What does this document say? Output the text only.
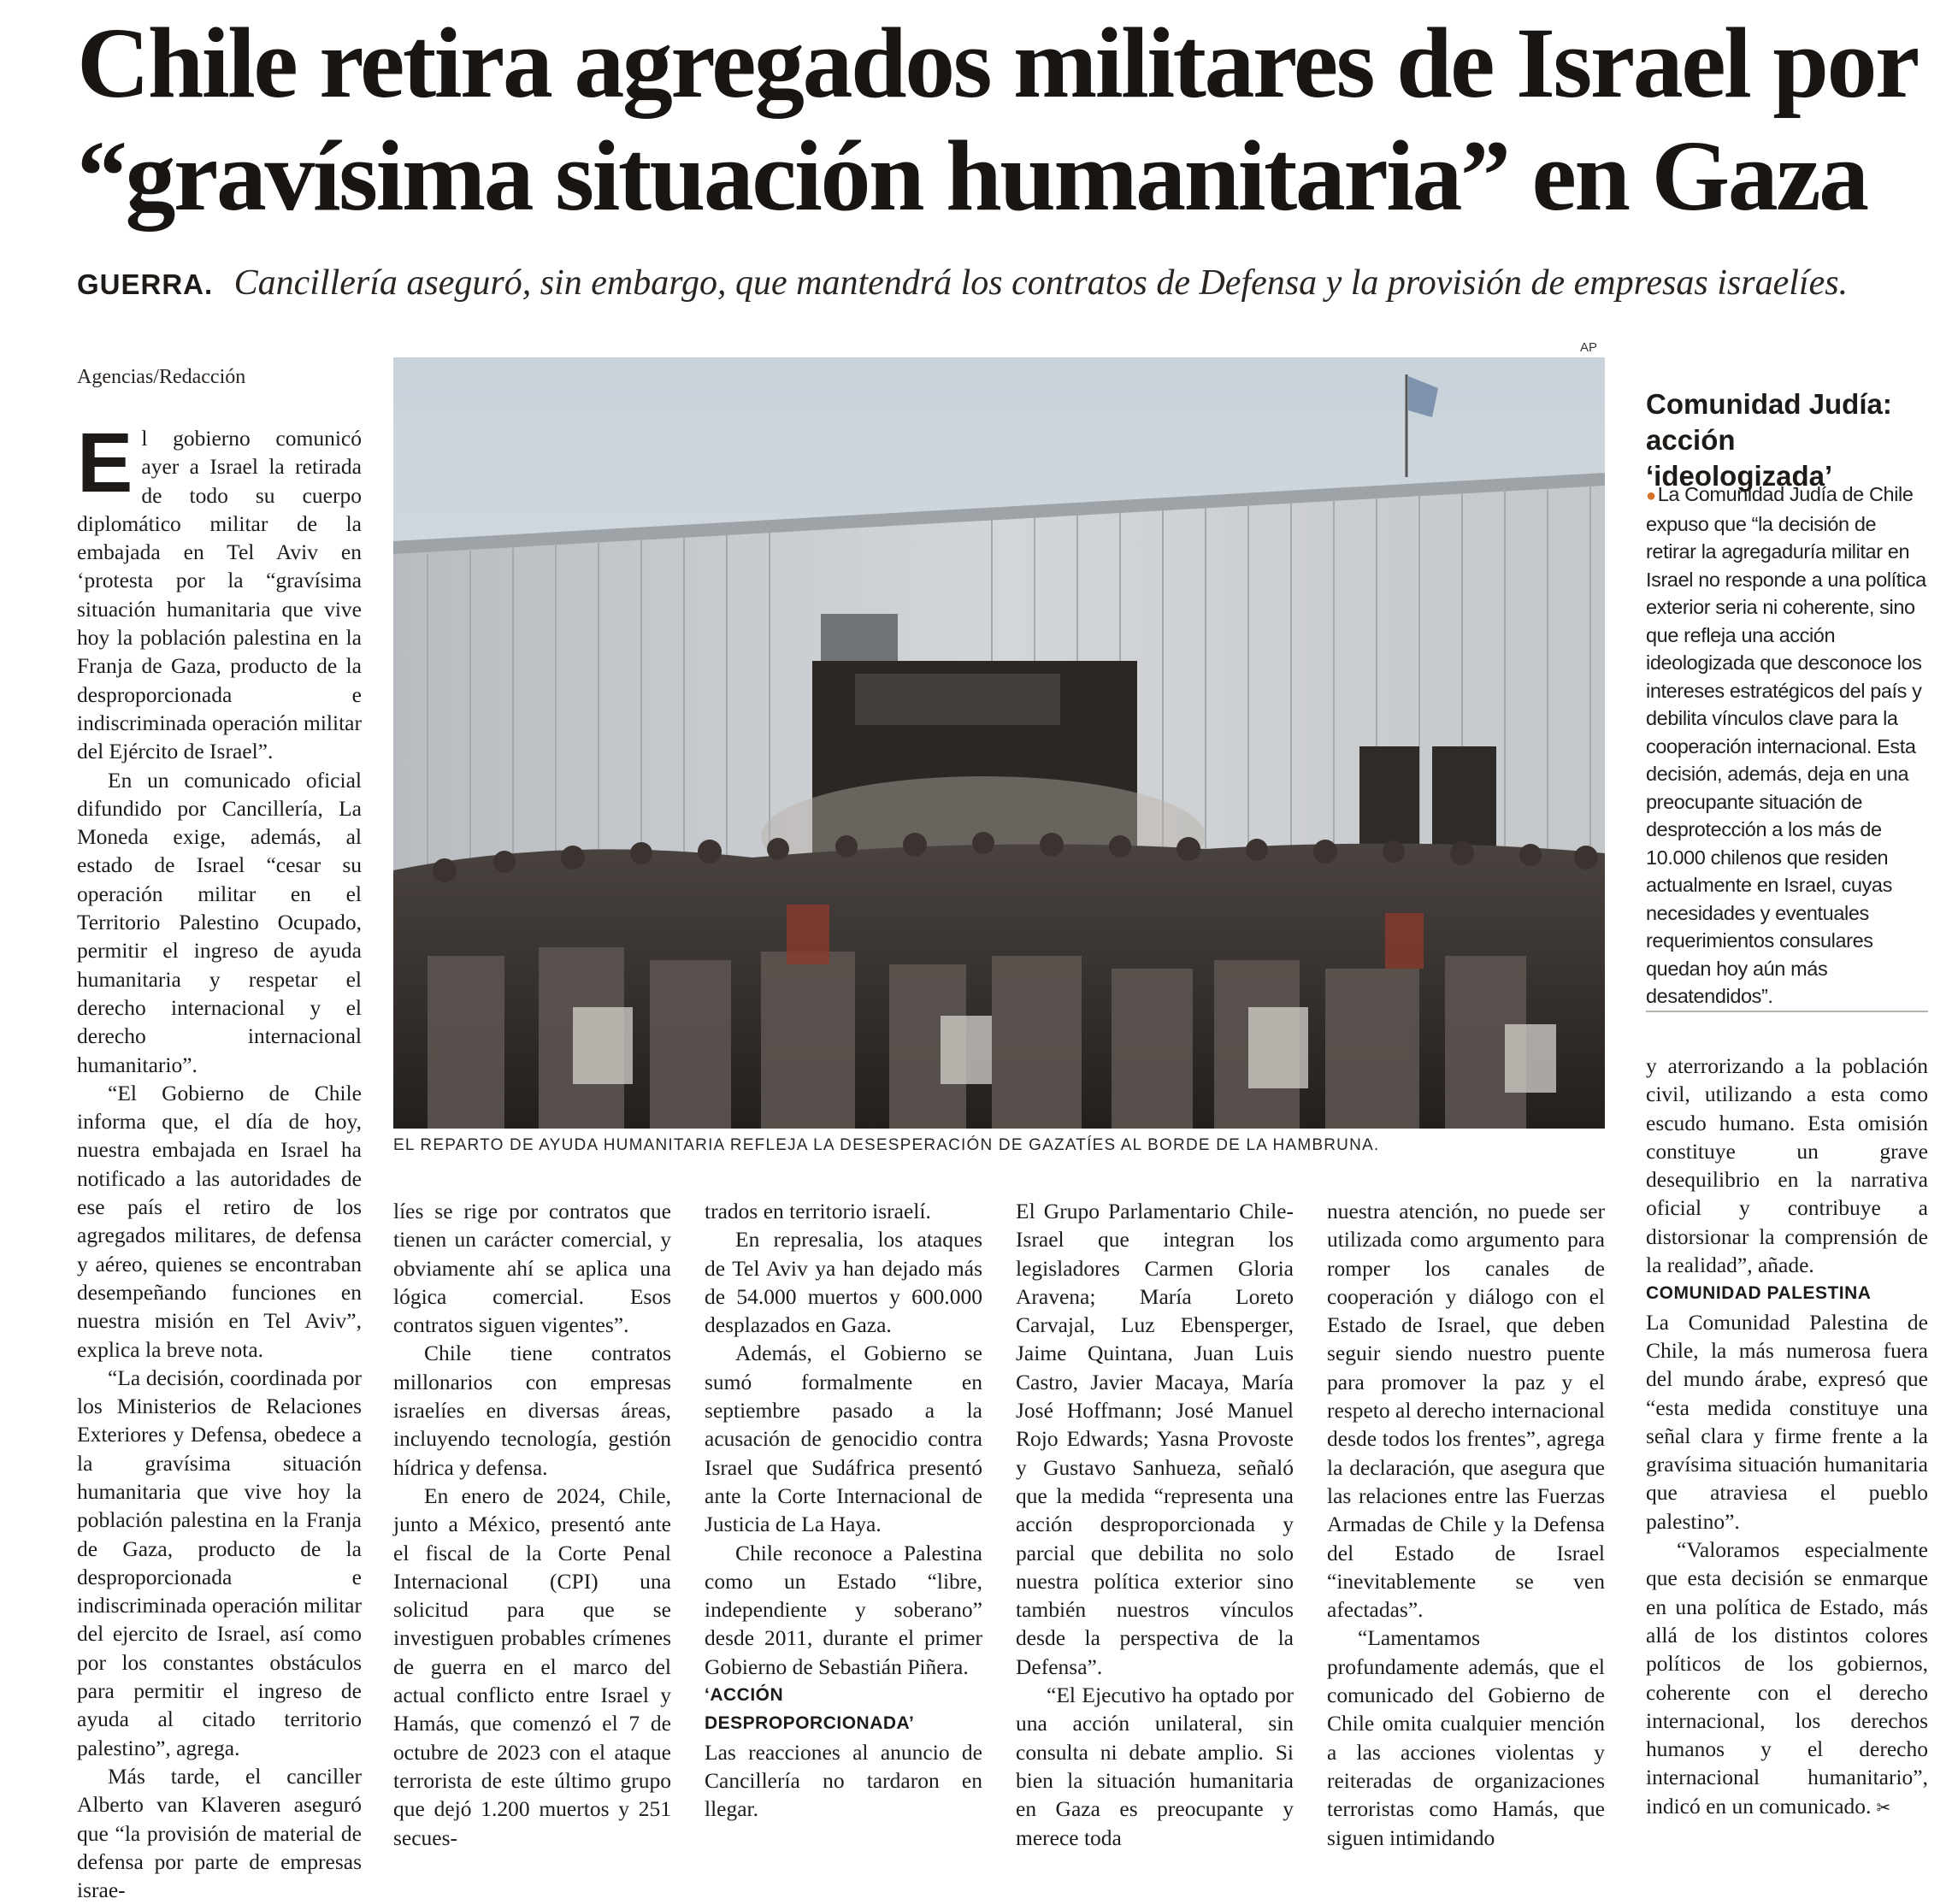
Chile retira agregados militares de Israel por
“gravísima situación humanitaria” en Gaza
GUERRA. Cancillería aseguró, sin embargo, que mantendrá los contratos de Defensa y la provisión de empresas israelíes.
Agencias/Redacción

El gobierno comunicó ayer a Israel la retirada de todo su cuerpo diplomático militar de la embajada en Tel Aviv en ‘protesta por la “gravísima situación humanitaria que vive hoy la población palestina en la Franja de Gaza, producto de la desproporcionada e indiscriminada operación militar del Ejército de Israel”.

En un comunicado oficial difundido por Cancillería, La Moneda exige, además, al estado de Israel “cesar su operación militar en el Territorio Palestino Ocupado, permitir el ingreso de ayuda humanitaria y respetar el derecho internacional y el derecho internacional humanitario”.

“El Gobierno de Chile informa que, el día de hoy, nuestra embajada en Israel ha notificado a las autoridades de ese país el retiro de los agregados militares, de defensa y aéreo, quienes se encontraban desempeñando funciones en nuestra misión en Tel Aviv”, explica la breve nota.

“La decisión, coordinada por los Ministerios de Relaciones Exteriores y Defensa, obedece a la gravísima situación humanitaria que vive hoy la población palestina en la Franja de Gaza, producto de la desproporcionada e indiscriminada operación militar del ejercito de Israel, así como por los constantes obstáculos para permitir el ingreso de ayuda al citado territorio palestino”, agrega.

Más tarde, el canciller Alberto van Klaveren aseguró que “la provisión de material de defensa por parte de empresas israe-

AP
EL REPARTO DE AYUDA HUMANITARIA REFLEJA LA DESESPERACIÓN DE GAZATÍES AL BORDE DE LA HAMBRUNA.
Comunidad Judía:
acción ‘ideologizada’
●La Comunidad Judía de Chile expuso que “la decisión de retirar la agregaduría militar en Israel no responde a una política exterior seria ni coherente, sino que refleja una acción ideologizada que desconoce los intereses estratégicos del país y debilita vínculos clave para la cooperación internacional. Esta decisión, además, deja en una preocupante situación de desprotección a los más de 10.000 chilenos que residen actualmente en Israel, cuyas necesidades y eventuales requerimientos consulares quedan hoy aún más desatendidos”.

líes se rige por contratos que tienen un carácter comercial, y obviamente ahí se aplica una lógica comercial. Esos contratos siguen vigentes”.

Chile tiene contratos millonarios con empresas israelíes en diversas áreas, incluyendo tecnología, gestión hídrica y defensa.

En enero de 2024, Chile, junto a México, presentó ante el fiscal de la Corte Penal Internacional (CPI) una solicitud para que se investiguen probables crímenes de guerra en el marco del actual conflicto entre Israel y Hamás, que comenzó el 7 de octubre de 2023 con el ataque terrorista de este último grupo que dejó 1.200 muertos y 251 secues-

trados en territorio israelí.

En represalia, los ataques de Tel Aviv ya han dejado más de 54.000 muertos y 600.000 desplazados en Gaza.

Además, el Gobierno se sumó formalmente en septiembre pasado a la acusación de genocidio contra Israel que Sudáfrica presentó ante la Corte Internacional de Justicia de La Haya.

Chile reconoce a Palestina como un Estado “libre, independiente y soberano” desde 2011, durante el primer Gobierno de Sebastián Piñera.

‘ACCIÓN DESPROPORCIONADA’

Las reacciones al anuncio de Cancillería no tardaron en llegar.

El Grupo Parlamentario Chile-Israel que integran los legisladores Carmen Gloria Aravena; María Loreto Carvajal, Luz Ebensperger, Jaime Quintana, Juan Luis Castro, Javier Macaya, María José Hoffmann; José Manuel Rojo Edwards; Yasna Provoste y Gustavo Sanhueza, señaló que la medida “representa una acción desproporcionada y parcial que debilita no solo nuestra política exterior sino también nuestros vínculos desde la perspectiva de la Defensa”.

“El Ejecutivo ha optado por una acción unilateral, sin consulta ni debate amplio. Si bien la situación humanitaria en Gaza es preocupante y merece toda

nuestra atención, no puede ser utilizada como argumento para romper los canales de cooperación y diálogo con el Estado de Israel, que deben seguir siendo nuestro puente para promover la paz y el respeto al derecho internacional desde todos los frentes”, agrega la declaración, que asegura que las relaciones entre las Fuerzas Armadas de Chile y la Defensa del Estado de Israel “inevitablemente se ven afectadas”.

“Lamentamos profundamente además, que el comunicado del Gobierno de Chile omita cualquier mención a las acciones violentas y reiteradas de organizaciones terroristas como Hamás, que siguen intimidando

y aterrorizando a la población civil, utilizando a esta como escudo humano. Esta omisión constituye un grave desequilibrio en la narrativa oficial y contribuye a distorsionar la comprensión de la realidad”, añade.

COMUNIDAD PALESTINA

La Comunidad Palestina de Chile, la más numerosa fuera del mundo árabe, expresó que “esta medida constituye una señal clara y firme frente a la gravísima situación humanitaria que atraviesa el pueblo palestino”.

“Valoramos especialmente que esta decisión se enmarque en una política de Estado, más allá de los distintos colores políticos de los gobiernos, coherente con el derecho internacional, los derechos humanos y el derecho internacional humanitario”, indicó en un comunicado. ✂
